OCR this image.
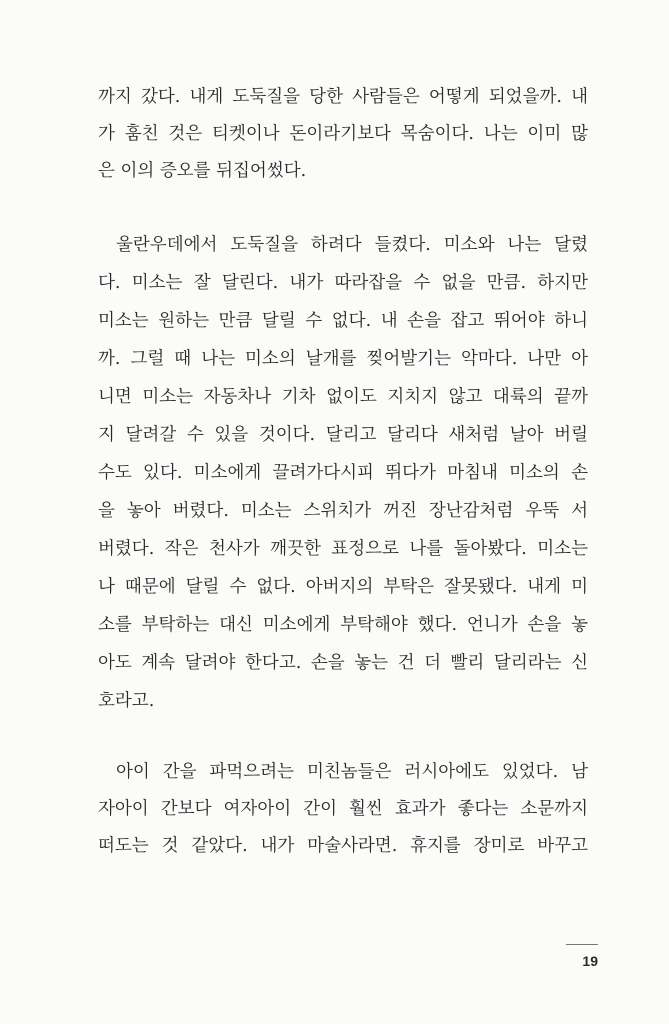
까지 갔다. 내게 도둑질을 당한 사람들은 어떻게 되었을까. 내
가 훔친 것은 티켓이나 돈이라기보다 목숨이다. 나는 이미 많
은 이의 증오를 뒤집어썼다.
울란우데에서 도둑질을 하려다 들켰다. 미소와 나는 달렸
다. 미소는 잘 달린다. 내가 따라잡을 수 없을 만큼. 하지만
미소는 원하는 만큼 달릴 수 없다. 내 손을 잡고 뛰어야 하니
까. 그럴 때 나는 미소의 날개를 찢어발기는 악마다. 나만 아
니면 미소는 자동차나 기차 없이도 지치지 않고 대륙의 끝까
지 달려갈 수 있을 것이다. 달리고 달리다 새처럼 날아 버릴
수도 있다. 미소에게 끌려가다시피 뛰다가 마침내 미소의 손
을 놓아 버렸다. 미소는 스위치가 꺼진 장난감처럼 우뚝 서
버렸다. 작은 천사가 깨끗한 표정으로 나를 돌아봤다. 미소는
나 때문에 달릴 수 없다. 아버지의 부탁은 잘못됐다. 내게 미
소를 부탁하는 대신 미소에게 부탁해야 했다. 언니가 손을 놓
아도 계속 달려야 한다고. 손을 놓는 건 더 빨리 달리라는 신
호라고.
아이 간을 파먹으려는 미친놈들은 러시아에도 있었다. 남
자아이 간보다 여자아이 간이 훨씬 효과가 좋다는 소문까지
떠도는 것 같았다. 내가 마술사라면. 휴지를 장미로 바꾸고
19
